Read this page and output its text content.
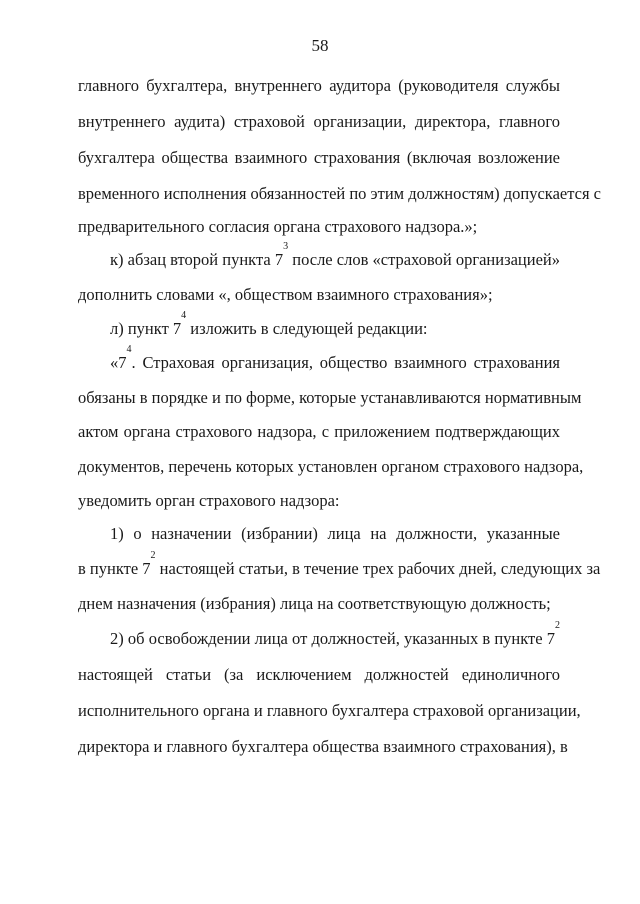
58
главного бухгалтера, внутреннего аудитора (руководителя службы
внутреннего аудита) страховой организации, директора, главного
бухгалтера общества взаимного страхования (включая возложение
временного исполнения обязанностей по этим должностям) допускается с
предварительного согласия органа страхового надзора.»;
к) абзац второй пункта $7^3$ после слов «страховой организацией»
дополнить словами «, обществом взаимного страхования»;
л) пункт $7^4$ изложить в следующей редакции:
«$7^4$. Страховая организация, общество взаимного страхования
обязаны в порядке и по форме, которые устанавливаются нормативным
актом органа страхового надзора, с приложением подтверждающих
документов, перечень которых установлен органом страхового надзора,
уведомить орган страхового надзора:
1) о назначении (избрании) лица на должности, указанные
в пункте $7^2$ настоящей статьи, в течение трех рабочих дней, следующих за
днем назначения (избрания) лица на соответствующую должность;
2) об освобождении лица от должностей, указанных в пункте $7^2$
настоящей статьи (за исключением должностей единоличного
исполнительного органа и главного бухгалтера страховой организации,
директора и главного бухгалтера общества взаимного страхования), в
